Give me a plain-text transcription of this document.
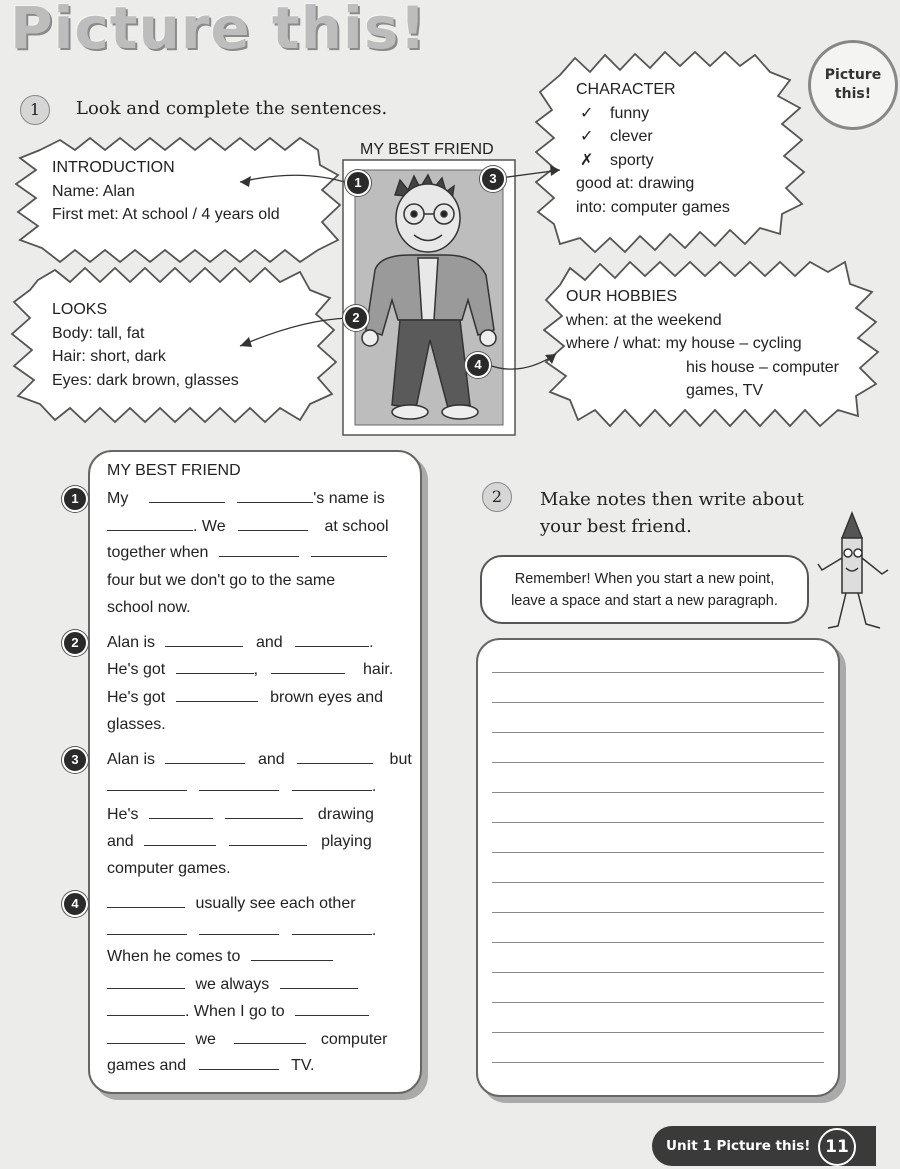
Picture this!
Picture
this!
1	Look and complete the sentences.
MY BEST FRIEND
1
2
3
4
INTRODUCTION
Name: Alan
First met: At school / 4 years old
LOOKS
Body: tall, fat
Hair: short, dark
Eyes: dark brown, glasses
CHARACTER
✓ funny
✓ clever
✗ sporty
good at: drawing
into: computer games
OUR HOBBIES
when: at the weekend
where / what: my house – cycling
his house – computer
games, TV
MY BEST FRIEND
1	My	's name is
. We	at school
together when
four but we don't go to the same
school now.
2	Alan is	and	.
He's got	,	hair.
He's got	brown eyes and
glasses.
3	Alan is	and	but
.
He's	drawing
and	playing
computer games.
4	usually see each other
.
When he comes to
we always
. When I go to
we	computer
games and	TV.
2	Make notes then write about
your best friend.
Remember! When you start a new point,
leave a space and start a new paragraph.
Unit 1 Picture this! 11
